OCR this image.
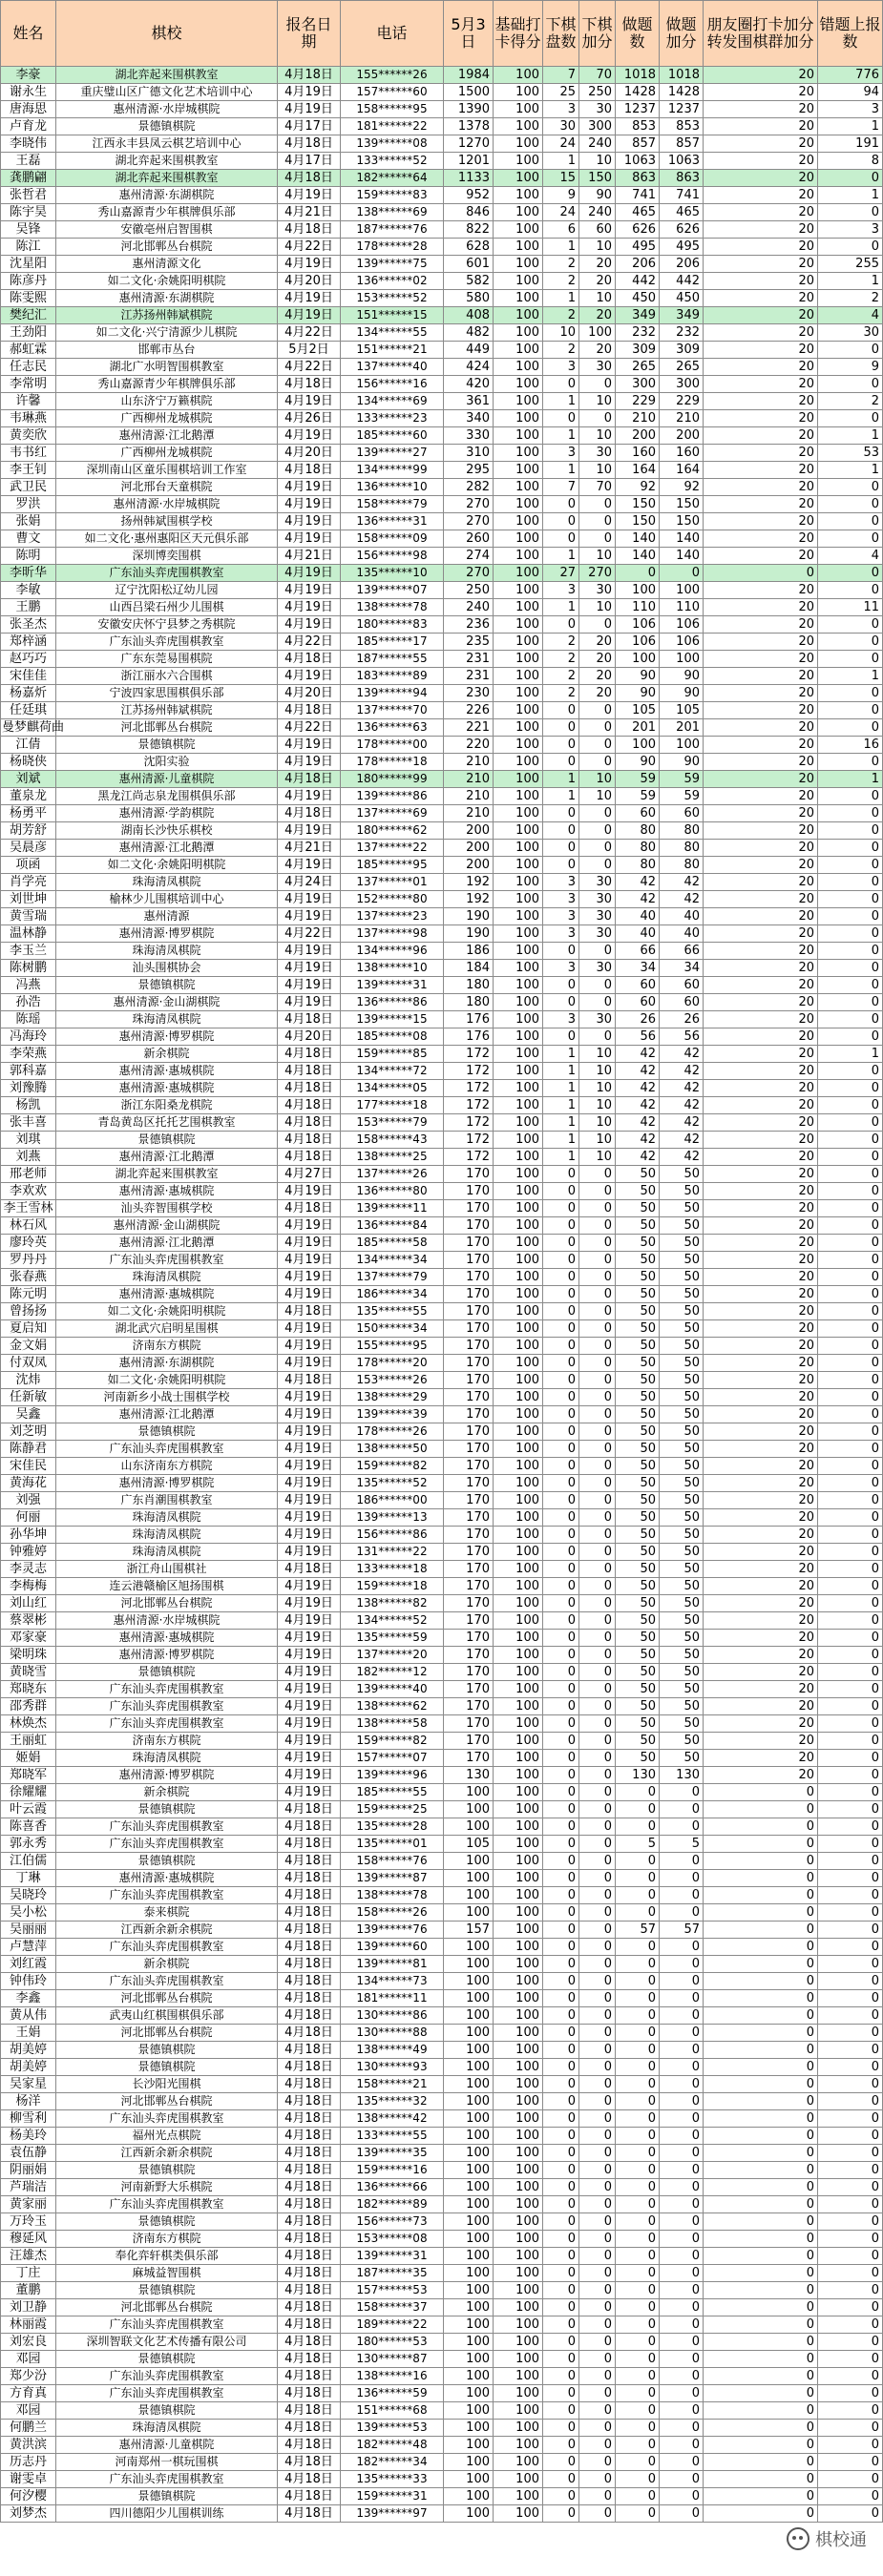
姓名	棋校	报名日期	电话	5月3日	基础打卡得分	下棋盘数	下棋加分	做题数	做题加分	朋友圈打卡加分转发围棋群加分	错题上报数
李豪	湖北弈起来围棋教室	4月18日	155******26	1984	100	7	70	1018	1018	20	776
谢永生	重庆璧山区广德文化艺术培训中心	4月19日	157******60	1500	100	25	250	1428	1428	20	94
唐海思	惠州清源·水岸城棋院	4月19日	158******95	1390	100	3	30	1237	1237	20	3
卢育龙	景德镇棋院	4月17日	181******22	1378	100	30	300	853	853	20	1
李晓伟	江西永丰县凤云棋艺培训中心	4月18日	139******08	1270	100	24	240	857	857	20	191
王磊	湖北弈起来围棋教室	4月17日	133******52	1201	100	1	10	1063	1063	20	8
龚鹏翩	湖北弈起来围棋教室	4月18日	182******64	1133	100	15	150	863	863	20	0
张哲君	惠州清源·东湖棋院	4月19日	159******83	952	100	9	90	741	741	20	1
陈宇昊	秀山嘉源青少年棋牌俱乐部	4月21日	138******69	846	100	24	240	465	465	20	0
吴锋	安徽亳州启智围棋	4月18日	187******76	822	100	6	60	626	626	20	3
陈江	河北邯郸丛台棋院	4月22日	178******28	628	100	1	10	495	495	20	0
沈星阳	惠州清源文化	4月19日	139******75	601	100	2	20	206	206	20	255
陈彦丹	如二文化·余姚阳明棋院	4月20日	136******02	582	100	2	20	442	442	20	1
陈雯熙	惠州清源·东湖棋院	4月19日	153******52	580	100	1	10	450	450	20	2
樊纪汇	江苏扬州韩斌棋院	4月19日	151******15	408	100	2	20	349	349	20	4
王劲阳	如二文化·兴宁清源少儿棋院	4月22日	134******55	482	100	10	100	232	232	20	30
郝虹霖	邯郸市丛台	5月2日	151******21	449	100	2	20	309	309	20	0
任志民	湖北广水明智围棋教室	4月22日	137******40	424	100	3	30	265	265	20	9
李常明	秀山嘉源青少年棋牌俱乐部	4月18日	156******16	420	100	0	0	300	300	20	0
许馨	山东济宁万籁棋院	4月19日	134******69	361	100	1	10	229	229	20	2
韦琳燕	广西柳州龙城棋院	4月26日	133******23	340	100	0	0	210	210	20	0
黄奕欣	惠州清源·江北鹅潭	4月19日	185******60	330	100	1	10	200	200	20	1
韦书红	广西柳州龙城棋院	4月20日	139******27	310	100	3	30	160	160	20	53
李王钊	深圳南山区童乐围棋培训工作室	4月18日	134******99	295	100	1	10	164	164	20	1
武卫民	河北邢台天童棋院	4月19日	136******10	282	100	7	70	92	92	20	0
罗洪	惠州清源·水岸城棋院	4月19日	158******79	270	100	0	0	150	150	20	0
张娟	扬州韩斌围棋学校	4月19日	136******31	270	100	0	0	150	150	20	0
曹文	如二文化·惠州惠阳区天元俱乐部	4月19日	158******09	260	100	0	0	140	140	20	0
陈明	深圳博奕围棋	4月21日	156******98	274	100	1	10	140	140	20	4
李昕华	广东汕头弈虎围棋教室	4月19日	135******10	270	100	27	270	0	0	0	0
李敏	辽宁沈阳松辽幼儿园	4月19日	139******07	250	100	3	30	100	100	20	0
王鹏	山西吕梁石州少儿围棋	4月19日	138******78	240	100	1	10	110	110	20	11
张圣杰	安徽安庆怀宁县梦之秀棋院	4月19日	180******83	236	100	0	0	106	106	20	0
郑梓涵	广东汕头弈虎围棋教室	4月22日	185******17	235	100	2	20	106	106	20	0
赵巧巧	广东东莞易围棋院	4月18日	187******55	231	100	2	20	100	100	20	0
宋佳佳	浙江丽水六合围棋	4月19日	183******89	231	100	2	20	90	90	20	1
杨嘉炘	宁波四家思围棋俱乐部	4月20日	139******94	230	100	2	20	90	90	20	0
任廷琪	江苏扬州韩斌棋院	4月18日	137******70	226	100	0	0	105	105	20	0
曼梦麒荷曲	河北邯郸丛台棋院	4月22日	136******63	221	100	0	0	201	201	20	0
江倩	景德镇棋院	4月19日	178******00	220	100	0	0	100	100	20	16
杨晓侠	沈阳实验	4月19日	178******18	210	100	0	0	90	90	20	0
刘斌	惠州清源·儿童棋院	4月18日	180******99	210	100	1	10	59	59	20	1
董泉龙	黑龙江尚志泉龙围棋俱乐部	4月19日	139******86	210	100	1	10	59	59	20	0
杨勇平	惠州清源·学韵棋院	4月18日	137******69	210	100	0	0	60	60	20	0
胡芳舒	湖南长沙快乐棋校	4月19日	180******62	200	100	0	0	80	80	20	0
吴晨彦	惠州清源·江北鹅潭	4月21日	137******22	200	100	0	0	80	80	20	0
项函	如二文化·余姚阳明棋院	4月19日	185******95	200	100	0	0	80	80	20	0
肖学亮	珠海清凤棋院	4月24日	137******01	192	100	3	30	42	42	20	0
刘世坤	榆林少儿围棋培训中心	4月19日	152******80	192	100	3	30	42	42	20	0
黄雪瑞	惠州清源	4月19日	137******23	190	100	3	30	40	40	20	0
温林静	惠州清源·博罗棋院	4月22日	137******98	190	100	3	30	40	40	20	0
李玉兰	珠海清凤棋院	4月19日	134******96	186	100	0	0	66	66	20	0
陈树鹏	汕头围棋协会	4月19日	138******10	184	100	3	30	34	34	20	0
冯燕	景德镇棋院	4月19日	139******31	180	100	0	0	60	60	20	0
孙浩	惠州清源·金山湖棋院	4月19日	136******86	180	100	0	0	60	60	20	0
陈瑶	珠海清凤棋院	4月18日	139******15	176	100	3	30	26	26	20	0
冯海玲	惠州清源·博罗棋院	4月20日	185******08	176	100	0	0	56	56	20	0
李荣燕	新余棋院	4月18日	159******85	172	100	1	10	42	42	20	1
郭科嘉	惠州清源·惠城棋院	4月18日	134******72	172	100	1	10	42	42	20	0
刘豫腾	惠州清源·惠城棋院	4月18日	134******05	172	100	1	10	42	42	20	0
杨凯	浙江东阳桑龙棋院	4月18日	177******18	172	100	1	10	42	42	20	0
张丰喜	青岛黄岛区托托艺围棋教室	4月18日	153******79	172	100	1	10	42	42	20	0
刘琪	景德镇棋院	4月18日	158******43	172	100	1	10	42	42	20	0
刘燕	惠州清源·江北鹅潭	4月18日	138******25	172	100	1	10	42	42	20	0
邢老师	湖北弈起来围棋教室	4月27日	137******26	170	100	0	0	50	50	20	0
李欢欢	惠州清源·惠城棋院	4月19日	136******80	170	100	0	0	50	50	20	0
李王雪林	汕头弈智围棋学校	4月18日	139******11	170	100	0	0	50	50	20	0
林石风	惠州清源·金山湖棋院	4月19日	136******84	170	100	0	0	50	50	20	0
廖玲英	惠州清源·江北鹅潭	4月19日	185******58	170	100	0	0	50	50	20	0
罗丹丹	广东汕头弈虎围棋教室	4月19日	134******34	170	100	0	0	50	50	20	0
张春燕	珠海清凤棋院	4月19日	137******79	170	100	0	0	50	50	20	0
陈元明	惠州清源·惠城棋院	4月19日	186******34	170	100	0	0	50	50	20	0
曾扬扬	如二文化·余姚阳明棋院	4月18日	135******55	170	100	0	0	50	50	20	0
夏启知	湖北武穴启明星围棋	4月19日	150******34	170	100	0	0	50	50	20	0
金文娟	济南东方棋院	4月19日	155******95	170	100	0	0	50	50	20	0
付双凤	惠州清源·东湖棋院	4月19日	178******20	170	100	0	0	50	50	20	0
沈炜	如二文化·余姚阳明棋院	4月18日	153******26	170	100	0	0	50	50	20	0
任新敏	河南新乡小战士围棋学校	4月19日	138******29	170	100	0	0	50	50	20	0
吴鑫	惠州清源·江北鹅潭	4月19日	139******39	170	100	0	0	50	50	20	0
刘芝明	景德镇棋院	4月19日	178******26	170	100	0	0	50	50	20	0
陈静君	广东汕头弈虎围棋教室	4月19日	138******50	170	100	0	0	50	50	20	0
宋佳民	山东济南东方棋院	4月19日	159******82	170	100	0	0	50	50	20	0
黄海花	惠州清源·博罗棋院	4月19日	135******52	170	100	0	0	50	50	20	0
刘强	广东肖潮围棋教室	4月19日	186******00	170	100	0	0	50	50	20	0
何丽	珠海清凤棋院	4月19日	139******13	170	100	0	0	50	50	20	0
孙华坤	珠海清凤棋院	4月19日	156******86	170	100	0	0	50	50	20	0
钟雅婷	珠海清凤棋院	4月19日	131******22	170	100	0	0	50	50	20	0
李灵志	浙江舟山围棋社	4月18日	133******18	170	100	0	0	50	50	20	0
李梅梅	连云港赣榆区旭扬围棋	4月19日	159******18	170	100	0	0	50	50	20	0
刘山红	河北邯郸丛台棋院	4月19日	138******82	170	100	0	0	50	50	20	0
蔡翠彬	惠州清源·水岸城棋院	4月19日	134******52	170	100	0	0	50	50	20	0
邓家豪	惠州清源·惠城棋院	4月19日	135******59	170	100	0	0	50	50	20	0
梁明珠	惠州清源·博罗棋院	4月19日	137******20	170	100	0	0	50	50	20	0
黄晓雪	景德镇棋院	4月19日	182******12	170	100	0	0	50	50	20	0
郑晓东	广东汕头弈虎围棋教室	4月19日	139******40	170	100	0	0	50	50	20	0
邵秀群	广东汕头弈虎围棋教室	4月19日	138******62	170	100	0	0	50	50	20	0
林焕杰	广东汕头弈虎围棋教室	4月19日	138******58	170	100	0	0	50	50	20	0
王丽虹	济南东方棋院	4月19日	159******82	170	100	0	0	50	50	20	0
姬娟	珠海清凤棋院	4月19日	157******07	170	100	0	0	50	50	20	0
郑晓军	惠州清源·博罗棋院	4月19日	139******96	130	100	0	0	130	130	20	0
徐耀耀	新余棋院	4月19日	185******55	100	100	0	0	0	0	0	0
叶云霞	景德镇棋院	4月18日	159******25	100	100	0	0	0	0	0	0
陈喜香	广东汕头弈虎围棋教室	4月18日	135******28	100	100	0	0	0	0	0	0
郭永秀	广东汕头弈虎围棋教室	4月18日	135******01	105	100	0	0	5	5	0	0
江伯儒	景德镇棋院	4月18日	158******76	100	100	0	0	0	0	0	0
丁琳	惠州清源·惠城棋院	4月18日	139******87	100	100	0	0	0	0	0	0
吴晓玲	广东汕头弈虎围棋教室	4月18日	138******78	100	100	0	0	0	0	0	0
吴小松	泰来棋院	4月18日	158******26	100	100	0	0	0	0	0	0
吴丽丽	江西新余新余棋院	4月18日	139******76	157	100	0	0	57	57	0	0
卢慧萍	广东汕头弈虎围棋教室	4月18日	139******60	100	100	0	0	0	0	0	0
刘红霞	新余棋院	4月18日	139******81	100	100	0	0	0	0	0	0
钟伟玲	广东汕头弈虎围棋教室	4月18日	134******73	100	100	0	0	0	0	0	0
李鑫	河北邯郸丛台棋院	4月18日	181******11	100	100	0	0	0	0	0	0
黄从伟	武夷山红棋围棋俱乐部	4月18日	130******86	100	100	0	0	0	0	0	0
王娟	河北邯郸丛台棋院	4月18日	130******88	100	100	0	0	0	0	0	0
胡美婷	景德镇棋院	4月18日	138******49	100	100	0	0	0	0	0	0
胡美婷	景德镇棋院	4月18日	130******93	100	100	0	0	0	0	0	0
吴家星	长沙阳光围棋	4月18日	158******21	100	100	0	0	0	0	0	0
杨洋	河北邯郸丛台棋院	4月18日	135******32	100	100	0	0	0	0	0	0
柳雪利	广东汕头弈虎围棋教室	4月18日	138******42	100	100	0	0	0	0	0	0
杨美玲	福州光点棋院	4月18日	133******55	100	100	0	0	0	0	0	0
袁伍静	江西新余新余棋院	4月18日	139******35	100	100	0	0	0	0	0	0
阴丽娟	景德镇棋院	4月18日	159******16	100	100	0	0	0	0	0	0
芦瑞洁	河南新野大乐棋院	4月18日	136******66	100	100	0	0	0	0	0	0
黄家丽	广东汕头弈虎围棋教室	4月18日	182******89	100	100	0	0	0	0	0	0
万玲玉	景德镇棋院	4月18日	156******73	100	100	0	0	0	0	0	0
穆延风	济南东方棋院	4月18日	153******08	100	100	0	0	0	0	0	0
汪雄杰	奉化弈轩棋类俱乐部	4月18日	139******31	100	100	0	0	0	0	0	0
丁庄	麻城益智围棋	4月18日	187******35	100	100	0	0	0	0	0	0
董鹏	景德镇棋院	4月18日	157******53	100	100	0	0	0	0	0	0
刘卫静	河北邯郸丛台棋院	4月18日	158******37	100	100	0	0	0	0	0	0
林丽霞	广东汕头弈虎围棋教室	4月18日	189******22	100	100	0	0	0	0	0	0
刘宏良	深圳智联文化艺术传播有限公司	4月18日	180******53	100	100	0	0	0	0	0	0
邓园	景德镇棋院	4月18日	130******87	100	100	0	0	0	0	0	0
郑少汾	广东汕头弈虎围棋教室	4月18日	138******16	100	100	0	0	0	0	0	0
方育真	广东汕头弈虎围棋教室	4月18日	136******59	100	100	0	0	0	0	0	0
邓园	景德镇棋院	4月18日	151******68	100	100	0	0	0	0	0	0
何鹏兰	珠海清凤棋院	4月18日	139******53	100	100	0	0	0	0	0	0
黄洪滨	惠州清源·儿童棋院	4月18日	182******48	100	100	0	0	0	0	0	0
历志丹	河南郑州一棋玩围棋	4月18日	182******34	100	100	0	0	0	0	0	0
谢雯卓	广东汕头弈虎围棋教室	4月18日	135******33	100	100	0	0	0	0	0	0
何汐樱	景德镇棋院	4月18日	159******31	100	100	0	0	0	0	0	0
刘梦杰	四川德阳少儿围棋训练	4月18日	139******97	100	100	0	0	0	0	0	0
棋校通
